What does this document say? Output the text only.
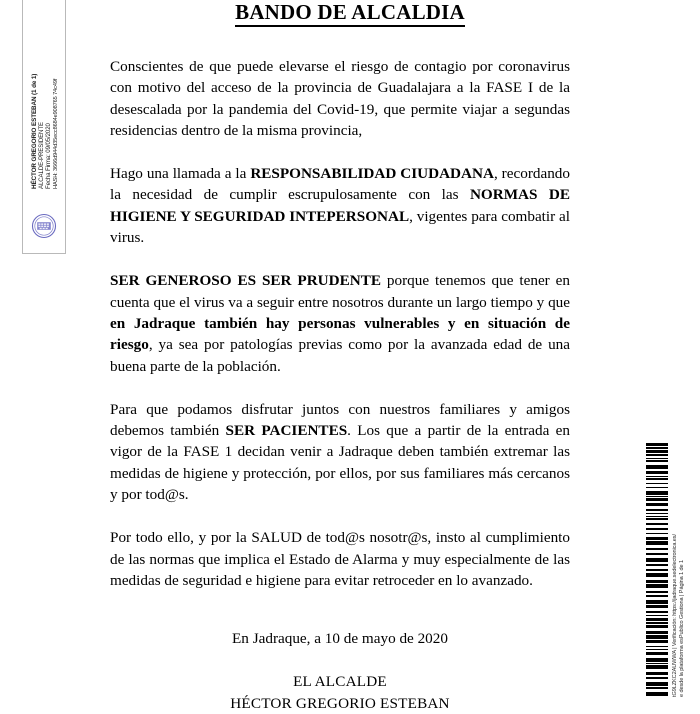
HÉCTOR GREGORIO ESTEBAN (1 de 1) ALCALDE-PRESIDENTE Fecha Firma: 09/05/2020 HASH: 3666d944d35ecc8684e908765 74c49f
BANDO DE ALCALDIA

Conscientes de que puede elevarse el riesgo de contagio por coronavirus con motivo del acceso de la provincia de Guadalajara a la FASE I de la desescalada por la pandemia del Covid-19, que permite viajar a segundas residencias dentro de la misma provincia,

Hago una llamada a la RESPONSABILIDAD CIUDADANA, recordando la necesidad de cumplir escrupulosamente con las NORMAS DE HIGIENE Y SEGURIDAD INTEPERSONAL, vigentes para combatir al virus.

SER GENEROSO ES SER PRUDENTE porque tenemos que tener en cuenta que el virus va a seguir entre nosotros durante un largo tiempo y que en Jadraque también hay personas vulnerables y en situación de riesgo, ya sea por patologías previas como por la avanzada edad de una buena parte de la población.

Para que podamos disfrutar juntos con nuestros familiares y amigos debemos también SER PACIENTES. Los que a partir de la entrada en vigor de la FASE 1 decidan venir a Jadraque deben también extremar las medidas de higiene y protección, por ellos, por sus familiares más cercanos y por tod@s.

Por todo ello, y por la SALUD de tod@s nosotr@s, insto al cumplimiento de las normas que implica el Estado de Alarma y muy especialmente de las medidas de seguridad e higiene para evitar retroceder en lo avanzado.

En Jadraque, a 10 de mayo de 2020
EL ALCALDE
HÉCTOR GREGORIO ESTEBAN
tG9LZKC2AUWWA | Verificación: https://jadraque.sedelectronica.es/ e desde la plataforma esPublico Gestiona | Página 1 de 1
